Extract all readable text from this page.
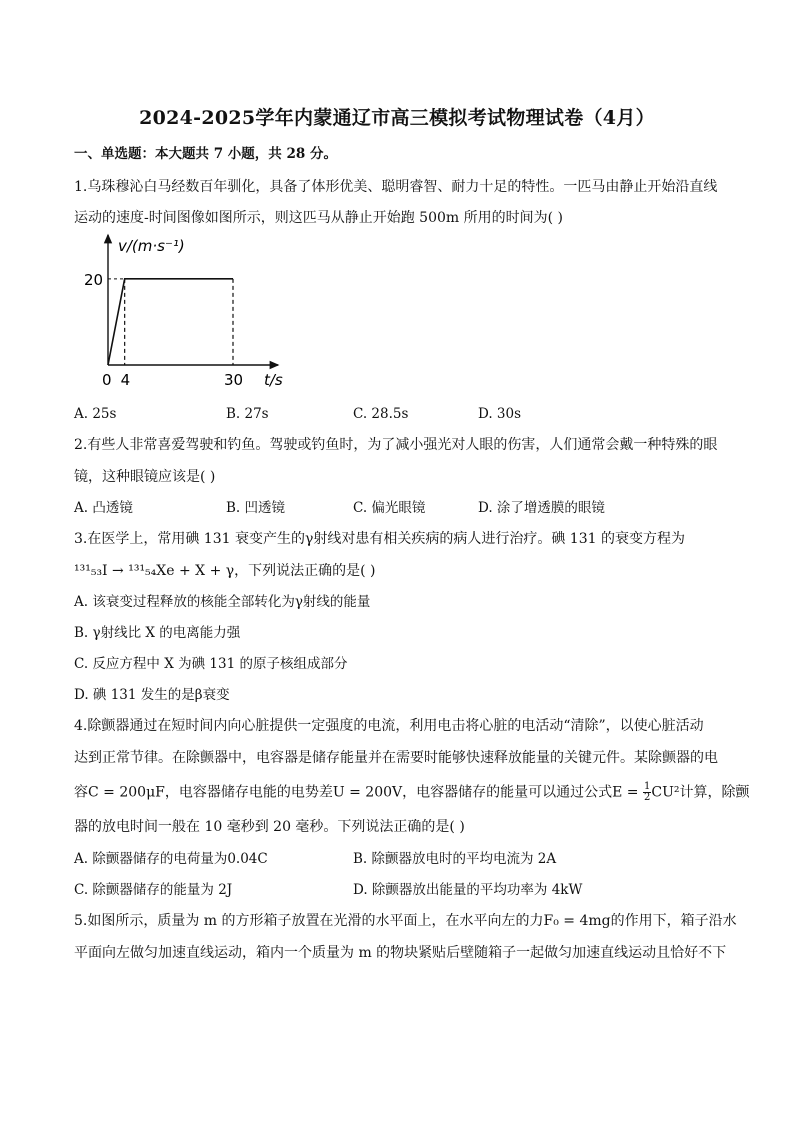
2024-2025学年内蒙通辽市高三模拟考试物理试卷（4月）
一、单选题：本大题共 7 小题，共 28 分。
1.乌珠穆沁白马经数百年驯化，具备了体形优美、聪明睿智、耐力十足的特性。一匹马由静止开始沿直线
运动的速度-时间图像如图所示，则这匹马从静止开始跑 500m 所用的时间为( )
v/(m·s⁻¹)
t/s
20
0 4	30
A. 25s	B. 27s	C. 28.5s	D. 30s
2.有些人非常喜爱驾驶和钓鱼。驾驶或钓鱼时，为了减小强光对人眼的伤害，人们通常会戴一种特殊的眼
镜，这种眼镜应该是( )
A. 凸透镜	B. 凹透镜	C. 偏光眼镜	D. 涂了增透膜的眼镜
3.在医学上，常用碘 131 衰变产生的γ射线对患有相关疾病的病人进行治疗。碘 131 的衰变方程为
¹³¹₅₃I → ¹³¹₅₄Xe + X + γ，下列说法正确的是( )
A. 该衰变过程释放的核能全部转化为γ射线的能量
B. γ射线比 X 的电离能力强
C. 反应方程中 X 为碘 131 的原子核组成部分
D. 碘 131 发生的是β衰变
4.除颤器通过在短时间内向心脏提供一定强度的电流，利用电击将心脏的电活动“清除”，以使心脏活动
达到正常节律。在除颤器中，电容器是储存能量并在需要时能够快速释放能量的关键元件。某除颤器的电
容C = 200μF，电容器储存电能的电势差U = 200V，电容器储存的能量可以通过公式$E = \frac{1}{2} CU^2$计算，除颤
器的放电时间一般在 10 毫秒到 20 毫秒。下列说法正确的是( )
A. 除颤器储存的电荷量为0.04C	B. 除颤器放电时的平均电流为 2A
C. 除颤器储存的能量为 2J	D. 除颤器放出能量的平均功率为 4kW
5.如图所示，质量为 m 的方形箱子放置在光滑的水平面上，在水平向左的力F₀ = 4mg的作用下，箱子沿水
平面向左做匀加速直线运动，箱内一个质量为 m 的物块紧贴后壁随箱子一起做匀加速直线运动且恰好不下
